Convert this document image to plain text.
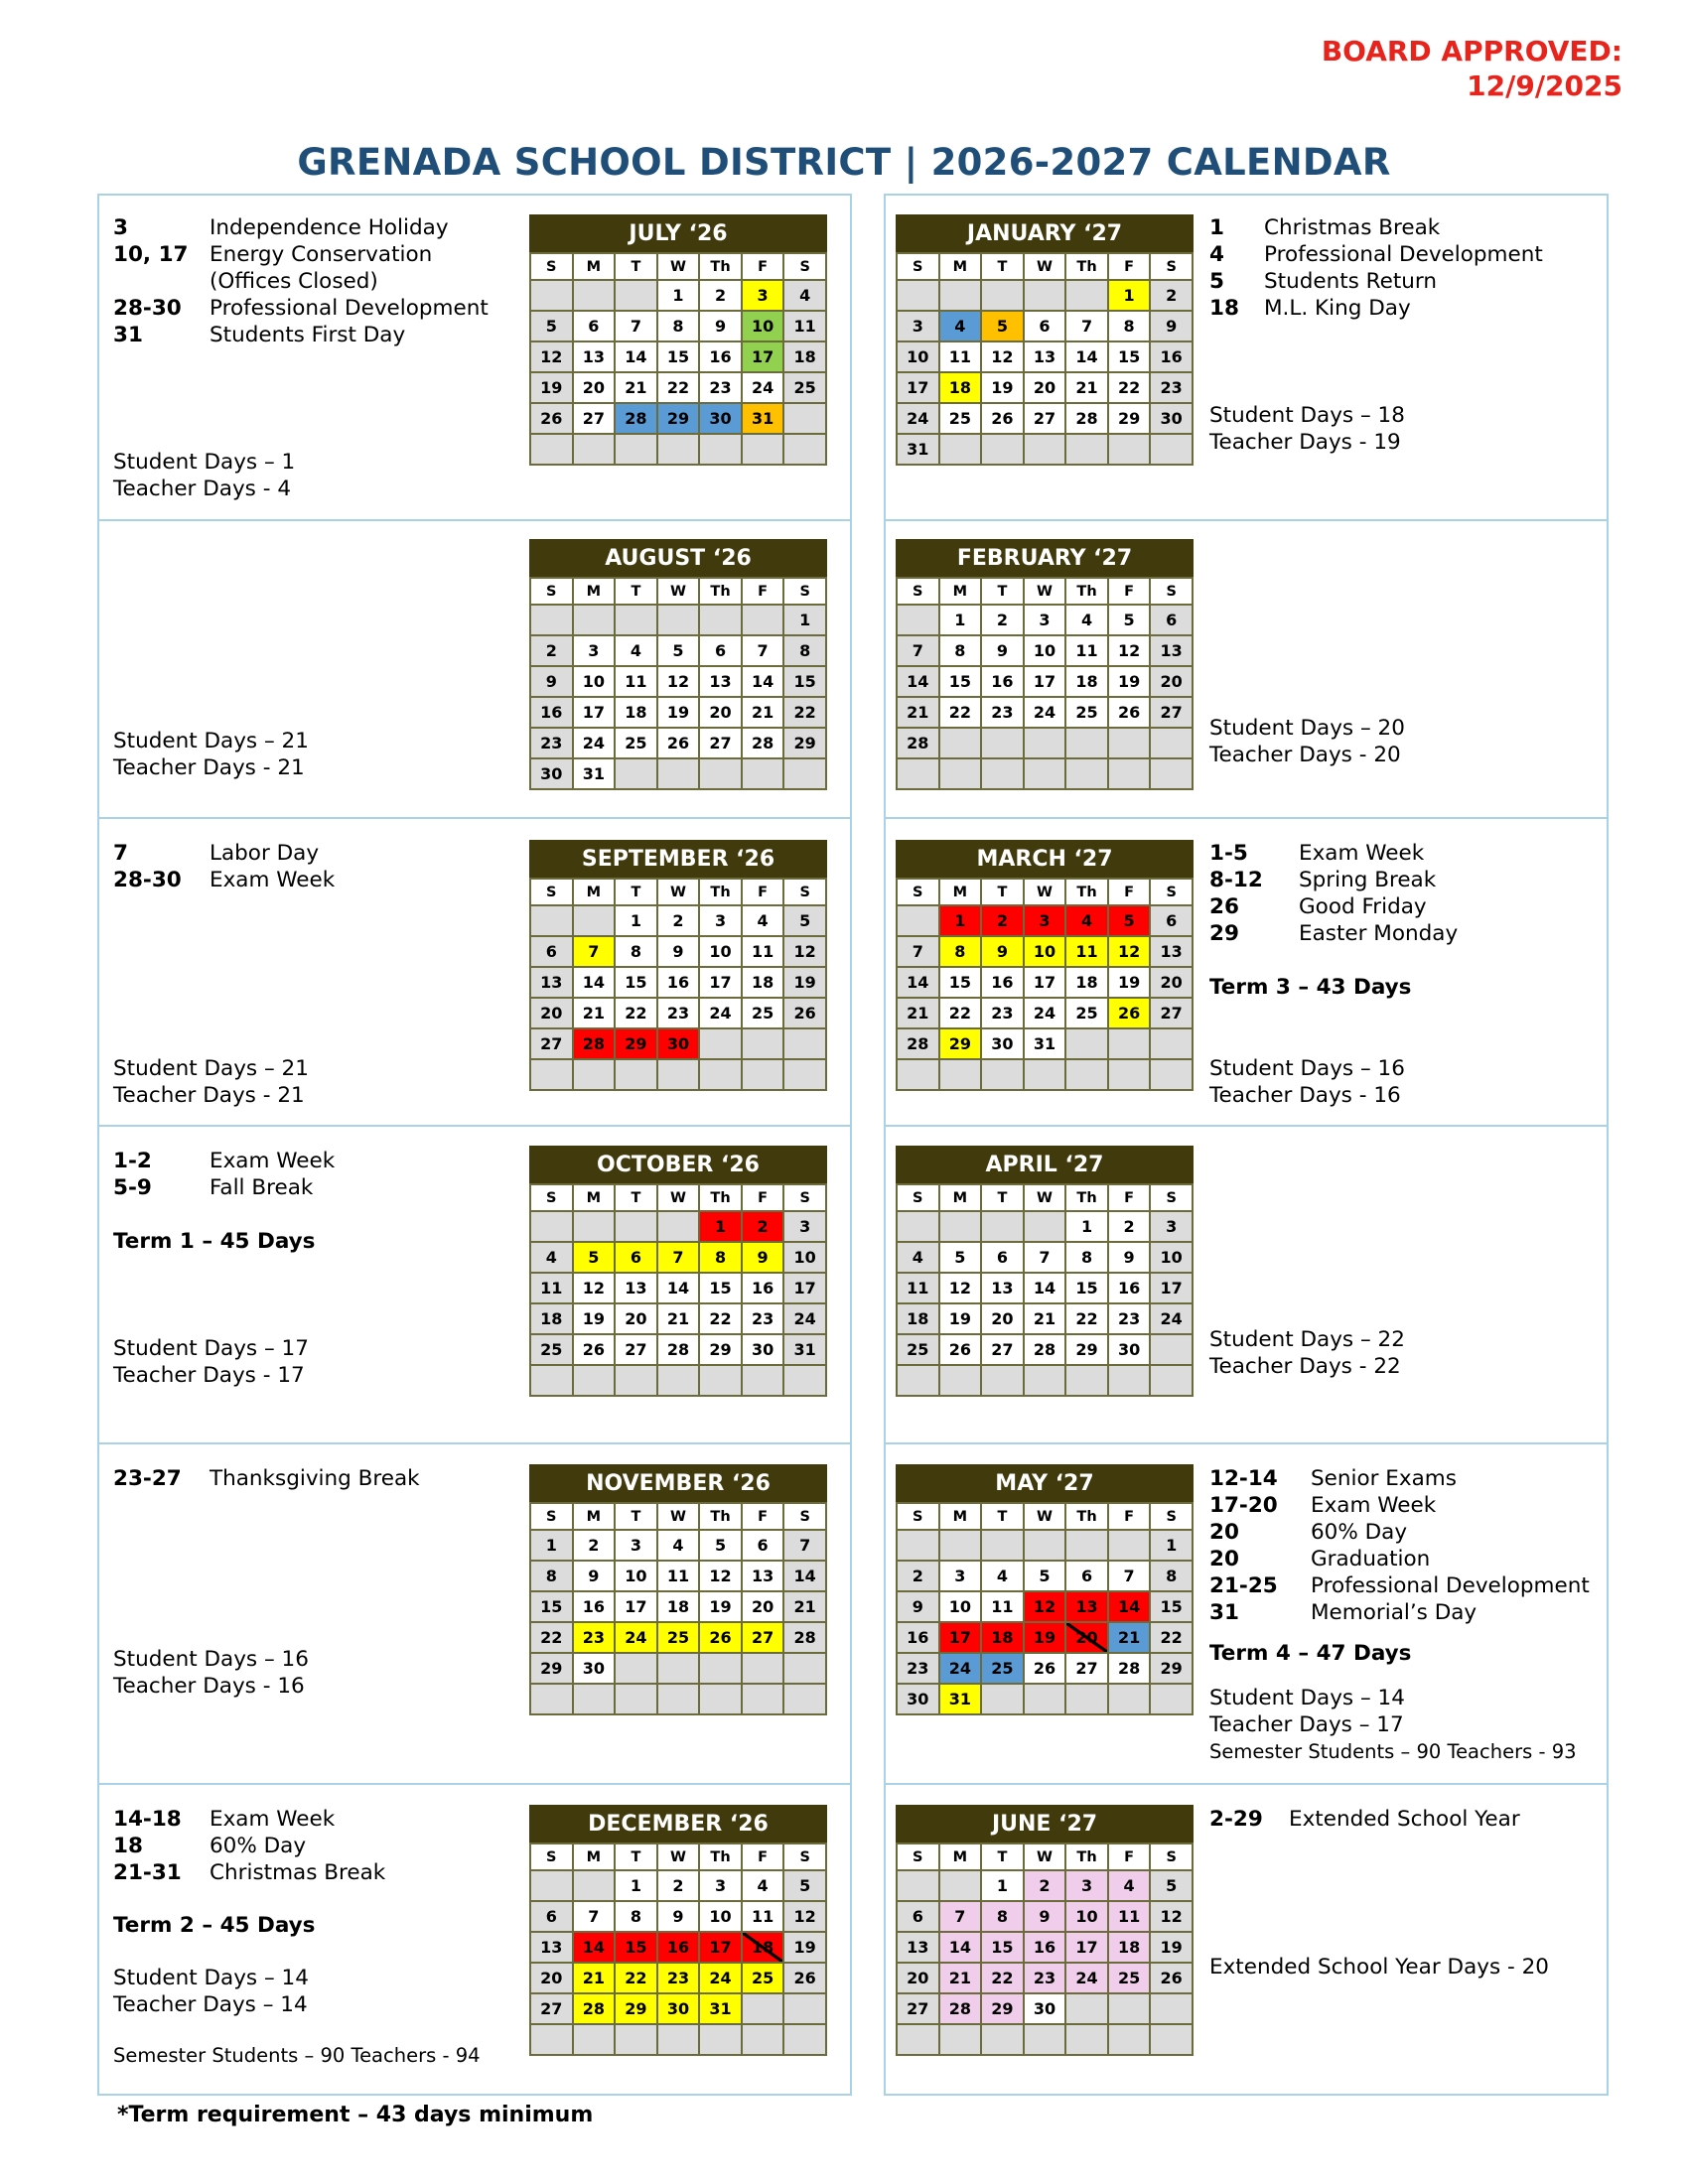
BOARD APPROVED:
12/9/2025
GRENADA SCHOOL DISTRICT | 2026-2027 CALENDAR
JULY ‘26
S	M	T	W	Th	F	S
			1	2	3	4
5	6	7	8	9	10	11
12	13	14	15	16	17	18
19	20	21	22	23	24	25
26	27	28	29	30	31	

AUGUST ‘26
S	M	T	W	Th	F	S
						1
2	3	4	5	6	7	8
9	10	11	12	13	14	15
16	17	18	19	20	21	22
23	24	25	26	27	28	29
30	31					
SEPTEMBER ‘26
S	M	T	W	Th	F	S
		1	2	3	4	5
6	7	8	9	10	11	12
13	14	15	16	17	18	19
20	21	22	23	24	25	26
27	28	29	30			

OCTOBER ‘26
S	M	T	W	Th	F	S
				1	2	3
4	5	6	7	8	9	10
11	12	13	14	15	16	17
18	19	20	21	22	23	24
25	26	27	28	29	30	31

NOVEMBER ‘26
S	M	T	W	Th	F	S
1	2	3	4	5	6	7
8	9	10	11	12	13	14
15	16	17	18	19	20	21
22	23	24	25	26	27	28
29	30					

DECEMBER ‘26
S	M	T	W	Th	F	S
		1	2	3	4	5
6	7	8	9	10	11	12
13	14	15	16	17	18	19
20	21	22	23	24	25	26
27	28	29	30	31		

JANUARY ‘27
S	M	T	W	Th	F	S
					1	2
3	4	5	6	7	8	9
10	11	12	13	14	15	16
17	18	19	20	21	22	23
24	25	26	27	28	29	30
31						
FEBRUARY ‘27
S	M	T	W	Th	F	S
	1	2	3	4	5	6
7	8	9	10	11	12	13
14	15	16	17	18	19	20
21	22	23	24	25	26	27
28						

MARCH ‘27
S	M	T	W	Th	F	S
	1	2	3	4	5	6
7	8	9	10	11	12	13
14	15	16	17	18	19	20
21	22	23	24	25	26	27
28	29	30	31			

APRIL ‘27
S	M	T	W	Th	F	S
				1	2	3
4	5	6	7	8	9	10
11	12	13	14	15	16	17
18	19	20	21	22	23	24
25	26	27	28	29	30	

MAY ‘27
S	M	T	W	Th	F	S
						1
2	3	4	5	6	7	8
9	10	11	12	13	14	15
16	17	18	19	20	21	22
23	24	25	26	27	28	29
30	31					
JUNE ‘27
S	M	T	W	Th	F	S
		1	2	3	4	5
6	7	8	9	10	11	12
13	14	15	16	17	18	19
20	21	22	23	24	25	26
27	28	29	30			

3	Independence Holiday
10, 17	Energy Conservation
(Offices Closed)
28-30	Professional Development
31	Students First Day
Student Days – 1
Teacher Days - 4
Student Days – 21
Teacher Days - 21
7	Labor Day
28-30	Exam Week
Student Days – 21
Teacher Days - 21
1-2	Exam Week
5-9	Fall Break
Term 1 – 45 Days
Student Days – 17
Teacher Days - 17
23-27	Thanksgiving Break
Student Days – 16
Teacher Days - 16
14-18	Exam Week
18	60% Day
21-31	Christmas Break
Term 2 – 45 Days
Student Days – 14
Teacher Days – 14
Semester Students – 90 Teachers - 94
1	Christmas Break
4	Professional Development
5	Students Return
18	M.L. King Day
Student Days – 18
Teacher Days - 19
Student Days – 20
Teacher Days - 20
1-5	Exam Week
8-12	Spring Break
26	Good Friday
29	Easter Monday
Term 3 – 43 Days
Student Days – 16
Teacher Days - 16
Student Days – 22
Teacher Days - 22
12-14	Senior Exams
17-20	Exam Week
20	60% Day
20	Graduation
21-25	Professional Development
31	Memorial’s Day
Term 4 – 47 Days
Student Days – 14
Teacher Days – 17
Semester Students – 90 Teachers - 93
2-29	Extended School Year
Extended School Year Days - 20
*Term requirement – 43 days minimum
